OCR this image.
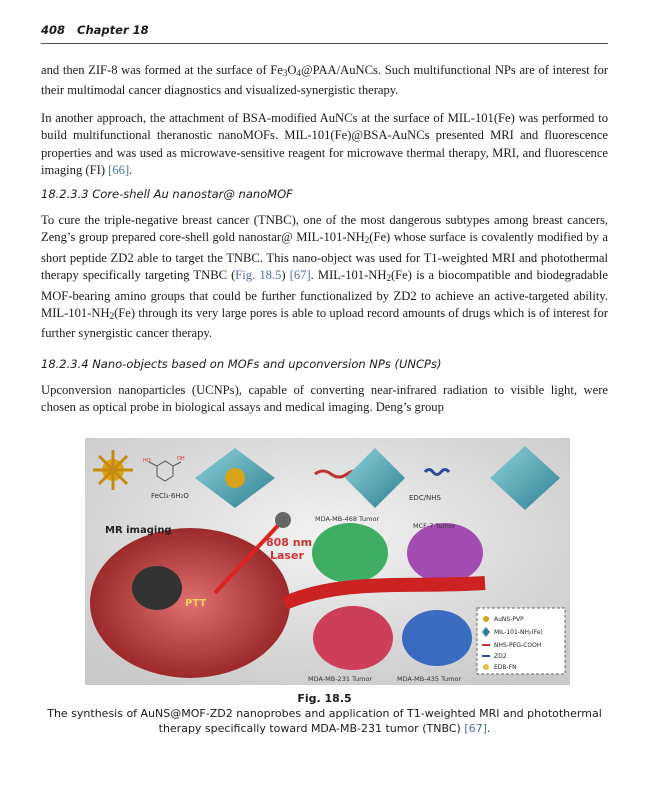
408 Chapter 18

and then ZIF-8 was formed at the surface of $Fe_3O_4@PAA$/AuNCs. Such multifunctional NPs are of interest for their multimodal cancer diagnostics and visualized-synergistic therapy.

In another approach, the attachment of BSA-modified AuNCs at the surface of MIL-101(Fe) was performed to build multifunctional theranostic nanoMOFs. MIL-101(Fe)@BSA-AuNCs presented MRI and fluorescence properties and was used as microwave-sensitive reagent for microwave thermal therapy, MRI, and fluorescence imaging (FI) [66].

18.2.3.3 Core-shell Au nanostar@ nanoMOF

To cure the triple-negative breast cancer (TNBC), one of the most dangerous subtypes among breast cancers, Zeng’s group prepared core-shell gold nanostar@ MIL-$101-NH_2(Fe)$ whose surface is covalently modified by a short peptide ZD2 able to target the TNBC. This nano-object was used for T1-weighted MRI and photothermal therapy specifically targeting TNBC (Fig. 18.5) [67]. MIL-$101-NH_2(Fe)$ is a biocompatible and biodegradable MOF-bearing amino groups that could be further functionalized by ZD2 to achieve an active-targeted ability. MIL-$101-NH_2(Fe)$ through its very large pores is able to upload record amounts of drugs which is of interest for further synergistic cancer therapy.

18.2.3.4 Nano-objects based on MOFs and upconversion NPs (UNCPs)

Upconversion nanoparticles (UCNPs), capable of converting near-infrared radiation to visible light, were chosen as optical probe in biological assays and medical imaging. Deng’s group

HO	OH
FeCl₃·6H₂O	EDC/NHS
MR imaging
808 nm
Laser
PTT
MDA-MB-468 Tumor
MCF-7 Tumor
MDA-MB-231 Tumor	MDA-MB-435 Tumor
AuNS-PVP
MIL-101-NH₂(Fe)
NHS-PEG-COOH
ZD2
EDB-FN
Fig. 18.5
The synthesis of AuNS@MOF-ZD2 nanoprobes and application of T1-weighted MRI and photothermal therapy specifically toward MDA-MB-231 tumor (TNBC) [67].
